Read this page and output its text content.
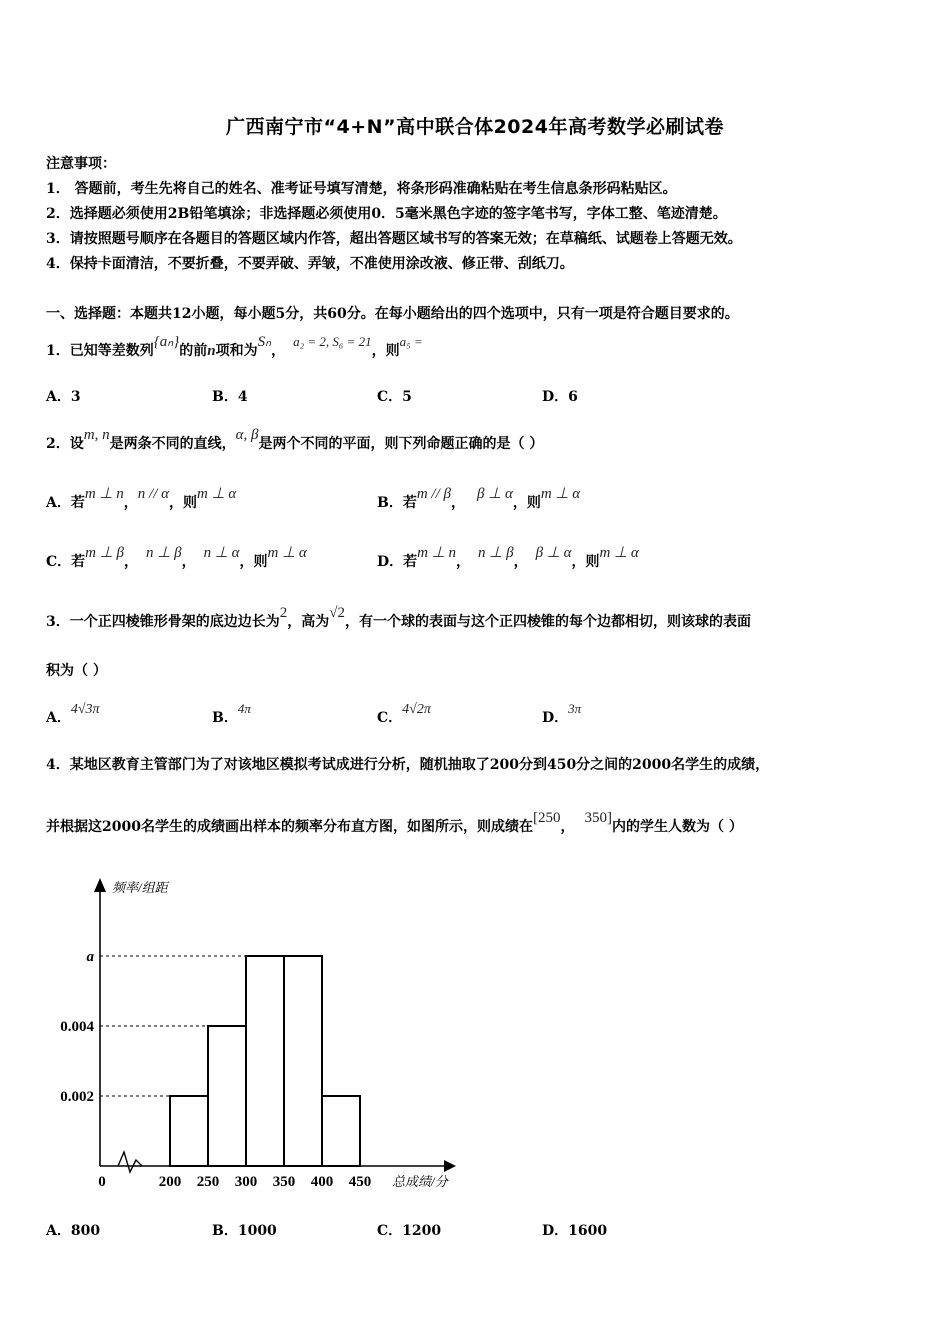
广西南宁市“4+N”高中联合体2024年高考数学必刷试卷
注意事项：
1． 答题前，考生先将自己的姓名、准考证号填写清楚，将条形码准确粘贴在考生信息条形码粘贴区。
2．选择题必须使用2B铅笔填涂；非选择题必须使用0．5毫米黑色字迹的签字笔书写，字体工整、笔迹清楚。
3．请按照题号顺序在各题目的答题区域内作答，超出答题区域书写的答案无效；在草稿纸、试题卷上答题无效。
4．保持卡面清洁，不要折叠，不要弄破、弄皱，不准使用涂改液、修正带、刮纸刀。
一、选择题：本题共12小题，每小题5分，共60分。在每小题给出的四个选项中，只有一项是符合题目要求的。
1．已知等差数列{aₙ}的前n项和为Sₙ，a₂ = 2, S₆ = 21，则a₅ =
A．3	B．4	C．5	D．6
2．设m, n是两条不同的直线，α, β是两个不同的平面，则下列命题正确的是（ ）
A．若m ⊥ n，n // α，则m ⊥ α
B．若m // β，β ⊥ α，则m ⊥ α
C．若m ⊥ β，n ⊥ β，n ⊥ α，则m ⊥ α
D．若m ⊥ n，n ⊥ β，β ⊥ α，则m ⊥ α
3．一个正四棱锥形骨架的底边边长为2，高为√2，有一个球的表面与这个正四棱锥的每个边都相切，则该球的表面
积为（ ）
A．4√3π
B．4π
C．4√2π
D．3π
4．某地区教育主管部门为了对该地区模拟考试成进行分析，随机抽取了200分到450分之间的2000名学生的成绩，
并根据这2000名学生的成绩画出样本的频率分布直方图，如图所示，则成绩在[250，350]内的学生人数为（ ）
频率/组距
总成绩/分
0.002
0.004
a
0	200 250 300 350 400 450
A．800	B．1000	C．1200	D．1600
